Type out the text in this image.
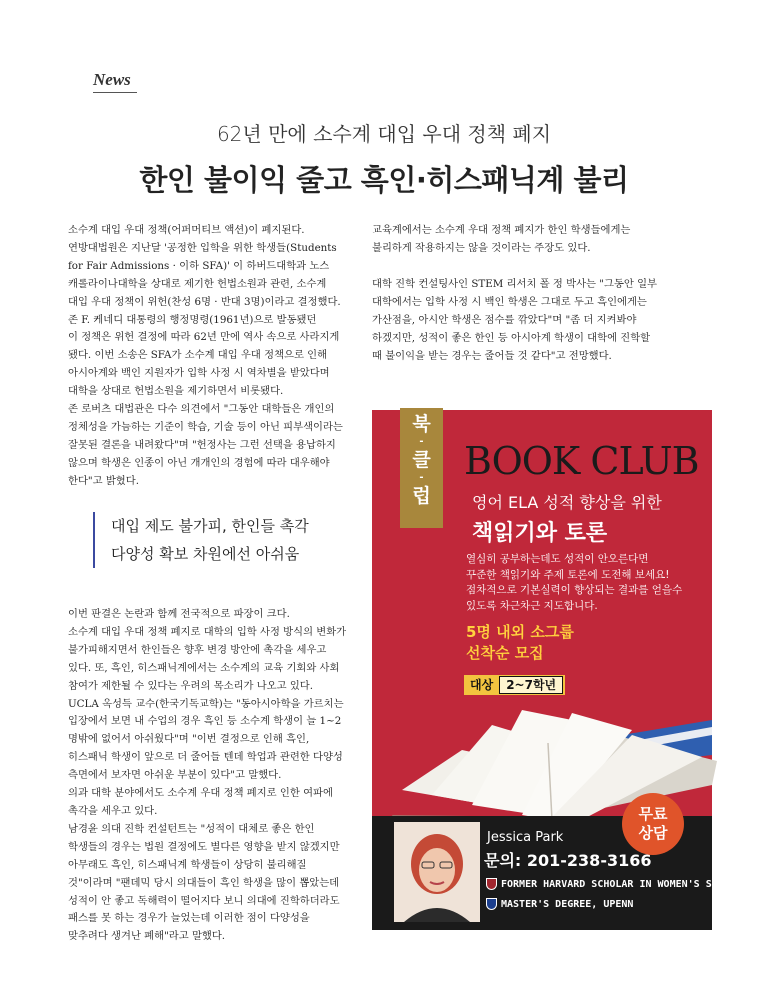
News
62년 만에 소수계 대입 우대 정책 폐지
한인 불이익 줄고 흑인·히스패닉계 불리

소수계 대입 우대 정책(어퍼머티브 액션)이 폐지된다.
연방대법원은 지난달 '공정한 입학을 위한 학생들(Students
for Fair Admissions · 이하 SFA)' 이 하버드대학과 노스
캐롤라이나대학을 상대로 제기한 헌법소원과 관련, 소수계
대입 우대 정책이 위헌(찬성 6명 · 반대 3명)이라고 결정했다.
존 F. 케네디 대통령의 행정명령(1961년)으로 발동됐던
이 정책은 위헌 결정에 따라 62년 만에 역사 속으로 사라지게
됐다. 이번 소송은 SFA가 소수계 대입 우대 정책으로 인해
아시아계와 백인 지원자가 입학 사정 시 역차별을 받았다며
대학을 상대로 헌법소원을 제기하면서 비롯됐다.
존 로버츠 대법관은 다수 의견에서 "그동안 대학들은 개인의
정체성을 가늠하는 기준이 학습, 기술 등이 아닌 피부색이라는
잘못된 결론을 내려왔다"며 "헌정사는 그런 선택을 용납하지
않으며 학생은 인종이 아닌 개개인의 경험에 따라 대우해야
한다"고 밝혔다.

대입 제도 불가피, 한인들 촉각
다양성 확보 차원에선 아쉬움

이번 판결은 논란과 함께 전국적으로 파장이 크다.
소수계 대입 우대 정책 폐지로 대학의 입학 사정 방식의 변화가
불가피해지면서 한인들은 향후 변경 방안에 촉각을 세우고
있다. 또, 흑인, 히스패닉계에서는 소수계의 교육 기회와 사회
참여가 제한될 수 있다는 우려의 목소리가 나오고 있다.
UCLA 옥성득 교수(한국기독교학)는 "동아시아학을 가르치는
입장에서 보면 내 수업의 경우 흑인 등 소수계 학생이 늘 1~2
명밖에 없어서 아쉬웠다"며 "이번 결정으로 인해 흑인,
히스패닉 학생이 앞으로 더 줄어들 텐데 학업과 관련한 다양성
측면에서 보자면 아쉬운 부분이 있다"고 말했다.
의과 대학 분야에서도 소수계 우대 정책 폐지로 인한 여파에
촉각을 세우고 있다.
남경윤 의대 진학 컨설턴트는 "성적이 대체로 좋은 한인
학생들의 경우는 법원 결정에도 별다른 영향을 받지 않겠지만
아무래도 흑인, 히스패닉계 학생들이 상당히 불리해질
것"이라며 "팬데믹 당시 의대들이 흑인 학생을 많이 뽑았는데
성적이 안 좋고 독해력이 떨어지다 보니 의대에 진학하더라도
패스를 못 하는 경우가 늘었는데 이러한 점이 다양성을
맞추려다 생겨난 폐해"라고 말했다.

교육계에서는 소수계 우대 정책 폐지가 한인 학생들에게는
불리하게 작용하지는 않을 것이라는 주장도 있다.

대학 진학 컨설팅사인 STEM 리서치 폴 정 박사는 "그동안 일부
대학에서는 입학 사정 시 백인 학생은 그대로 두고 흑인에게는
가산점을, 아시안 학생은 점수를 깎았다"며 "좀 더 지켜봐야
하겠지만, 성적이 좋은 한인 등 아시아계 학생이 대학에 진학할
때 불이익을 받는 경우는 줄어들 것 같다"고 전망했다.

북
-
클
-
럽
BOOK CLUB
영어 ELA 성적 향상을 위한
책읽기와 토론
열심히 공부하는데도 성적이 안오른다면
꾸준한 책읽기와 주제 토론에 도전해 보세요!
점차적으로 기본실력이 향상되는 결과를 얻을수
있도록 차근차근 지도합니다.
5명 내외 소그룹
선착순 모집
대상 2~7학년
Jessica Park
문의: 201-238-3166
FORMER HARVARD SCHOLAR IN WOMEN'S STUDIES
MASTER'S DEGREE, UPENN
무료
상담
